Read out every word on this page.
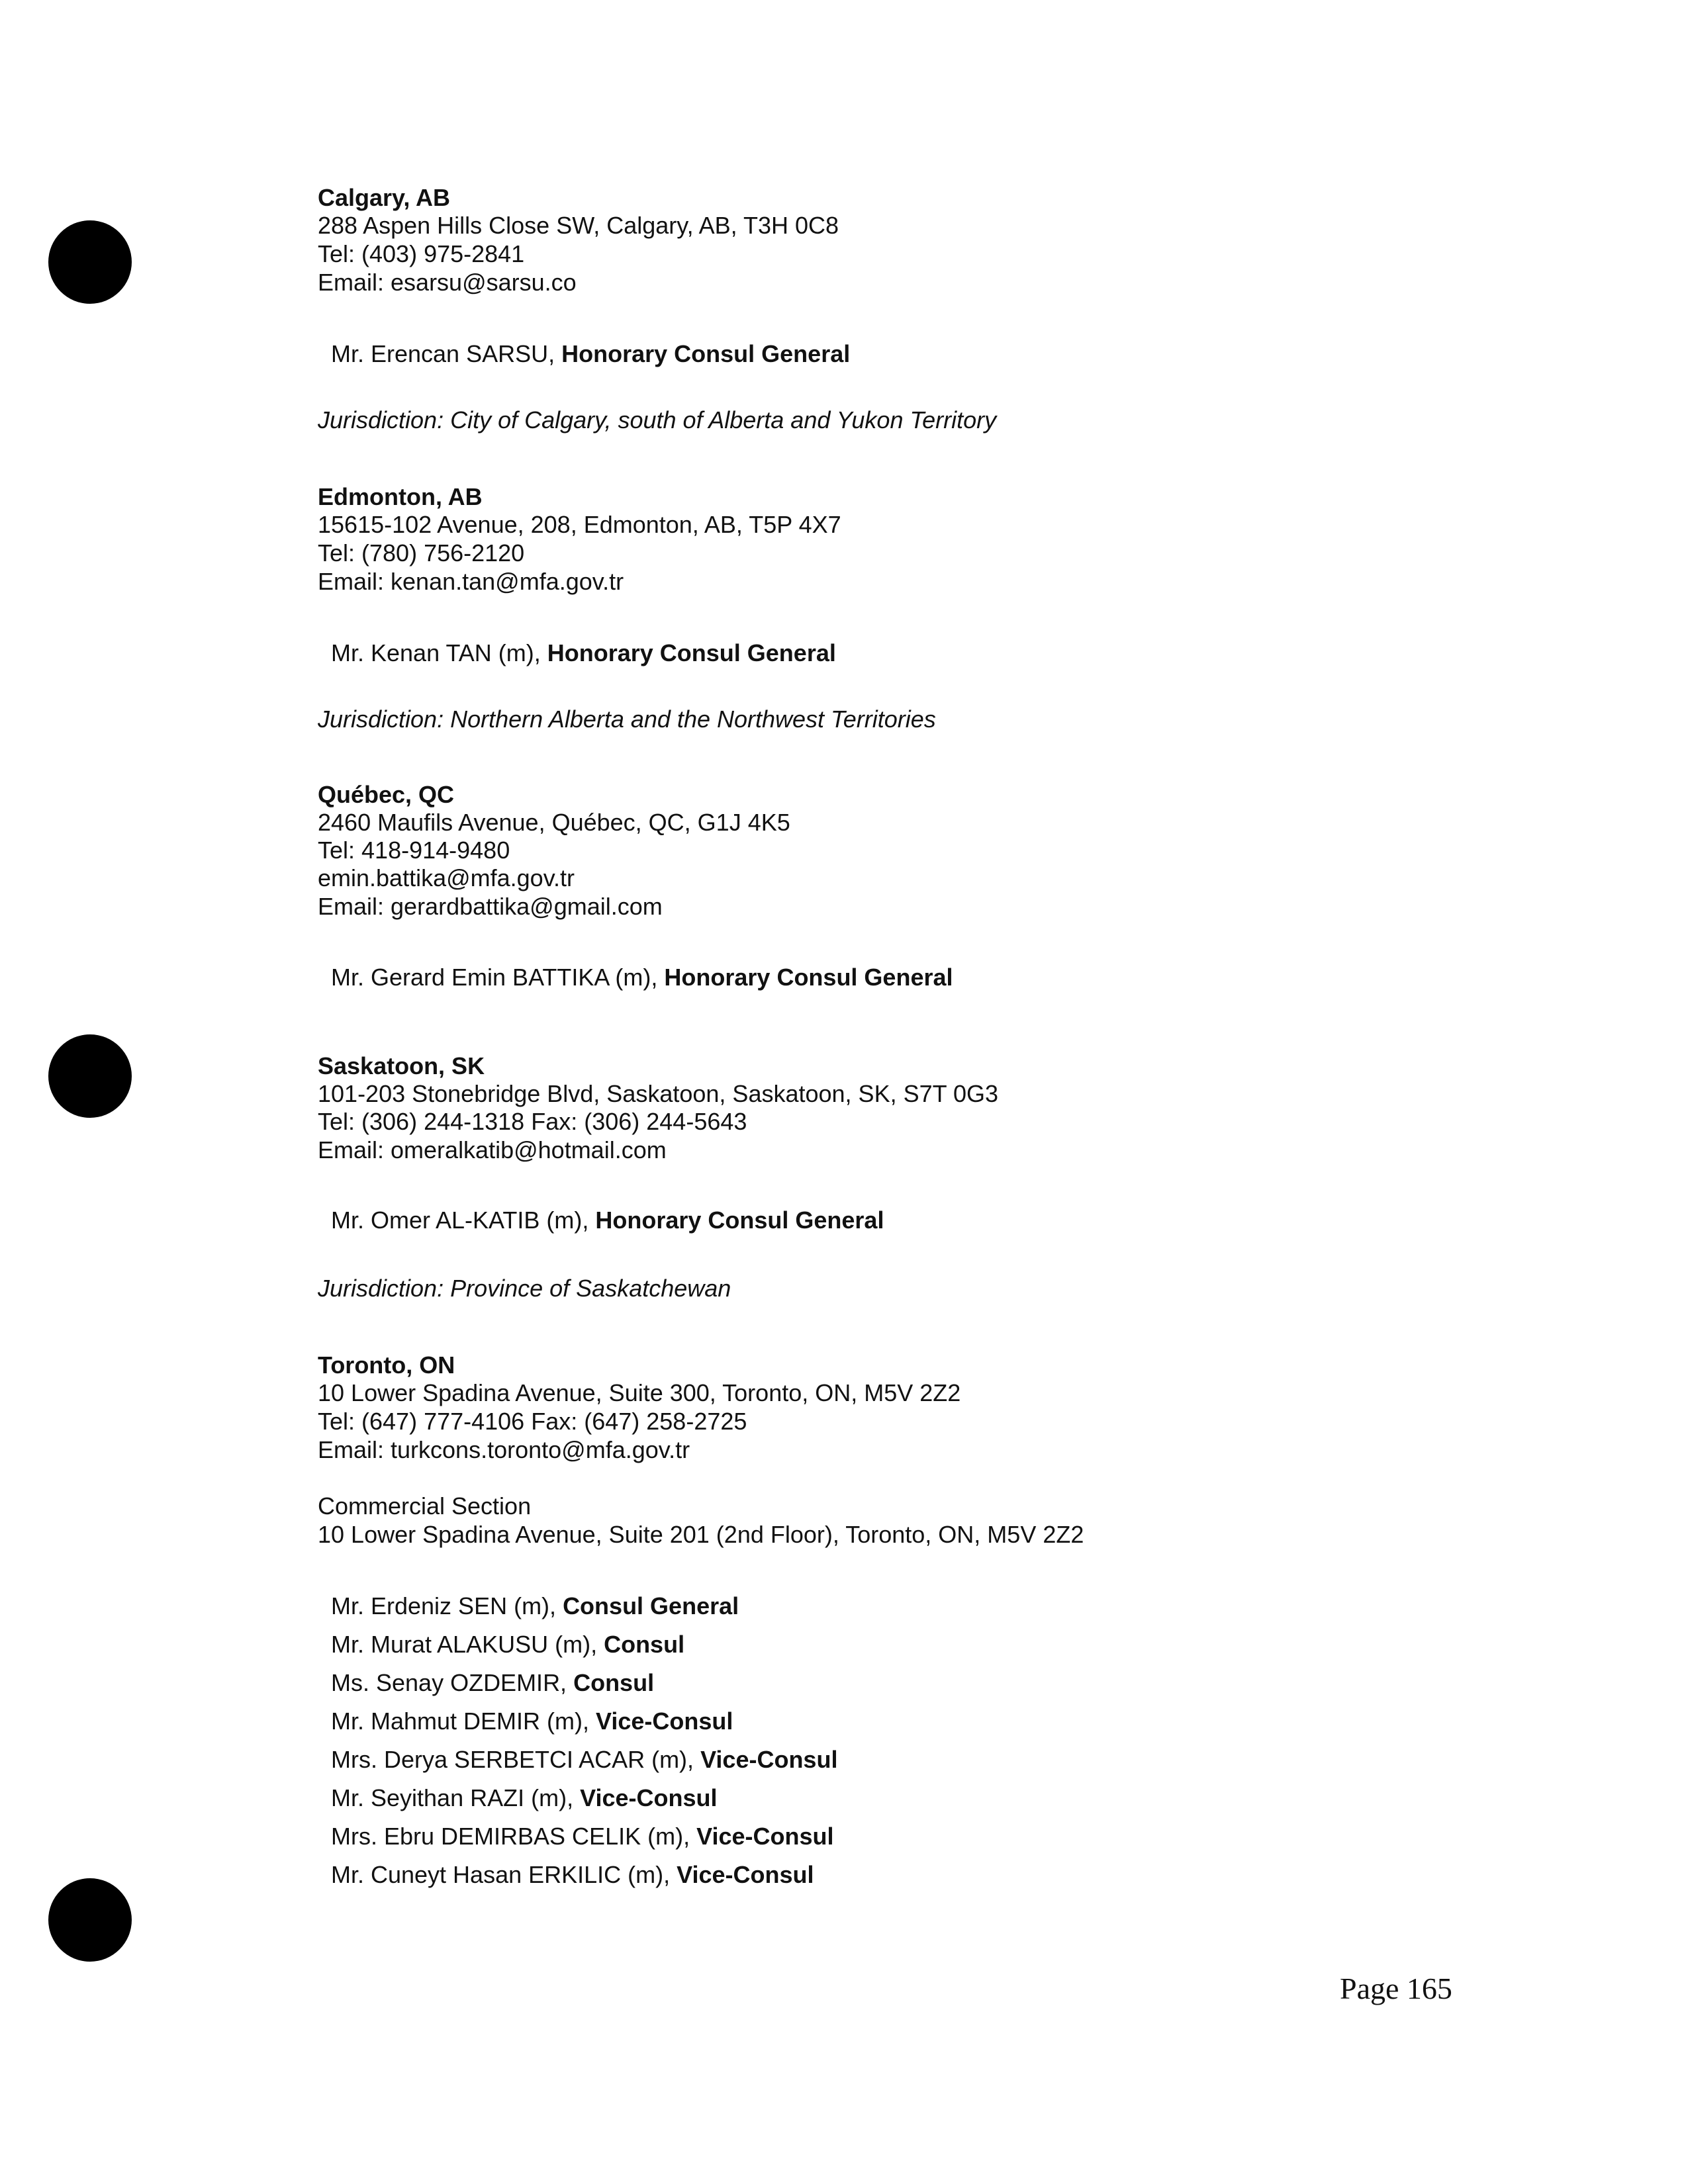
Calgary, AB
288 Aspen Hills Close SW, Calgary, AB, T3H 0C8
Tel: (403) 975-2841
Email: esarsu@sarsu.co
Mr. Erencan SARSU, Honorary Consul General
Jurisdiction: City of Calgary, south of Alberta and Yukon Territory
Edmonton, AB
15615-102 Avenue, 208, Edmonton, AB, T5P 4X7
Tel: (780) 756-2120
Email: kenan.tan@mfa.gov.tr
Mr. Kenan TAN (m), Honorary Consul General
Jurisdiction: Northern Alberta and the Northwest Territories
Québec, QC
2460 Maufils Avenue, Québec, QC, G1J 4K5
Tel: 418-914-9480
emin.battika@mfa.gov.tr
Email: gerardbattika@gmail.com
Mr. Gerard Emin BATTIKA (m), Honorary Consul General
Saskatoon, SK
101-203 Stonebridge Blvd, Saskatoon, Saskatoon, SK, S7T 0G3
Tel: (306) 244-1318 Fax: (306) 244-5643
Email: omeralkatib@hotmail.com
Mr. Omer AL-KATIB (m), Honorary Consul General
Jurisdiction: Province of Saskatchewan
Toronto, ON
10 Lower Spadina Avenue, Suite 300, Toronto, ON, M5V 2Z2
Tel: (647) 777-4106 Fax: (647) 258-2725
Email: turkcons.toronto@mfa.gov.tr
Commercial Section
10 Lower Spadina Avenue, Suite 201 (2nd Floor), Toronto, ON, M5V 2Z2
Mr. Erdeniz SEN (m), Consul General
Mr. Murat ALAKUSU (m), Consul
Ms. Senay OZDEMIR, Consul
Mr. Mahmut DEMIR (m), Vice-Consul
Mrs. Derya SERBETCI ACAR (m), Vice-Consul
Mr. Seyithan RAZI (m), Vice-Consul
Mrs. Ebru DEMIRBAS CELIK (m), Vice-Consul
Mr. Cuneyt Hasan ERKILIC (m), Vice-Consul
Page 165
